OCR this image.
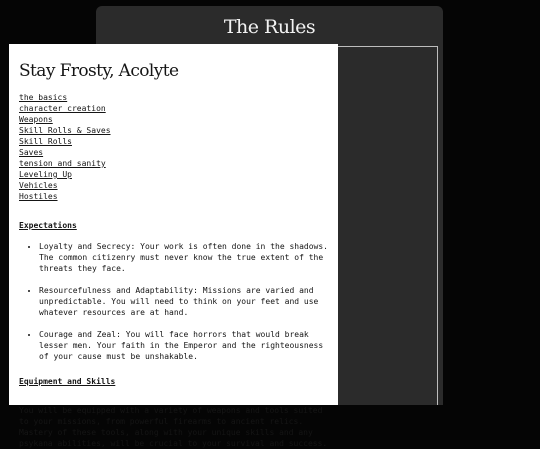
The Rules
Stay Frosty, Acolyte
the basics
character creation
Weapons
Skill Rolls & Saves
Skill Rolls
Saves
tension and sanity
Leveling Up
Vehicles
Hostiles
Expectations
• Loyalty and Secrecy: Your work is often done in the shadows. The common citizenry must never know the true extent of the threats they face.
• Resourcefulness and Adaptability: Missions are varied and unpredictable. You will need to think on your feet and use whatever resources are at hand.
• Courage and Zeal: You will face horrors that would break lesser men. Your faith in the Emperor and the righteousness of your cause must be unshakable.
Equipment and Skills

You will be equipped with a variety of weapons and tools suited to your missions, from powerful firearms to ancient relics. Mastery of these tools, along with your unique skills and any psykana abilities, will be crucial to your survival and success.
